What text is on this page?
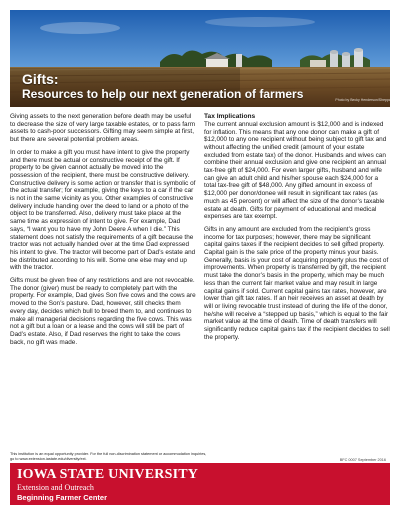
Gifts:
Resources to help our next generation of farmers	Photo by Becky Henderson/Sheppard

Giving assets to the next generation before death may be useful to decrease the size of very large taxable estates, or to pass farm assets to cash-poor successors. Gifting may seem simple at first, but there are several potential problem areas.

In order to make a gift you must have intent to give the property and there must be actual or constructive receipt of the gift. If property to be given cannot actually be moved into the possession of the recipient, there must be constructive delivery. Constructive delivery is some action or transfer that is symbolic of the actual transfer; for example, giving the keys to a car if the car is not in the same vicinity as you. Other examples of constructive delivery include handing over the deed to land or a photo of the object to be transferred. Also, delivery must take place at the same time as expression of intent to give. For example, Dad says, “I want you to have my John Deere A when I die.” This statement does not satisfy the requirements of a gift because the tractor was not actually handed over at the time Dad expressed his intent to give. The tractor will become part of Dad’s estate and be distributed according to his will. Some one else may end up with the tractor.

Gifts must be given free of any restrictions and are not revocable. The donor (giver) must be ready to completely part with the property. For example, Dad gives Son five cows and the cows are moved to the Son’s pasture. Dad, however, still checks them every day, decides which bull to breed them to, and continues to make all managerial decisions regarding the five cows. This was not a gift but a loan or a lease and the cows will still be part of Dad’s estate. Also, if Dad reserves the right to take the cows back, no gift was made.

Tax Implications

The current annual exclusion amount is $12,000 and is indexed for inflation. This means that any one donor can make a gift of $12,000 to any one recipient without being subject to gift tax and without affecting the unified credit (amount of your estate excluded from estate tax) of the donor. Husbands and wives can combine their annual exclusion and give one recipient an annual tax-free gift of $24,000. For even larger gifts, husband and wife can give an adult child and his/her spouse each $24,000 for a total tax-free gift of $48,000. Any gifted amount in excess of $12,000 per donor/donee will result in significant tax rates (as much as 45 percent) or will affect the size of the donor’s taxable estate at death. Gifts for payment of educational and medical expenses are tax exempt.

Gifts in any amount are excluded from the recipient’s gross income for tax purposes; however, there may be significant capital gains taxes if the recipient decides to sell gifted property. Capital gain is the sale price of the property minus your basis. Generally, basis is your cost of acquiring property plus the cost of improvements. When property is transferred by gift, the recipient must take the donor’s basis in the property, which may be much less than the current fair market value and may result in large capital gains if sold. Current capital gains tax rates, however, are lower than gift tax rates. If an heir receives an asset at death by will or living revocable trust instead of during the life of the donor, he/she will receive a “stepped up basis,” which is equal to the fair market value at the time of death. Time of death transfers will significantly reduce capital gains tax if the recipient decides to sell the property.

This institution is an equal opportunity provider. For the full non-discrimination statement or accommodation inquiries,
go to www.extension.iastate.edu/diversity/ext.	BFC 0007 September 2016
IOWA STATE UNIVERSITY
Extension and Outreach
Beginning Farmer Center
